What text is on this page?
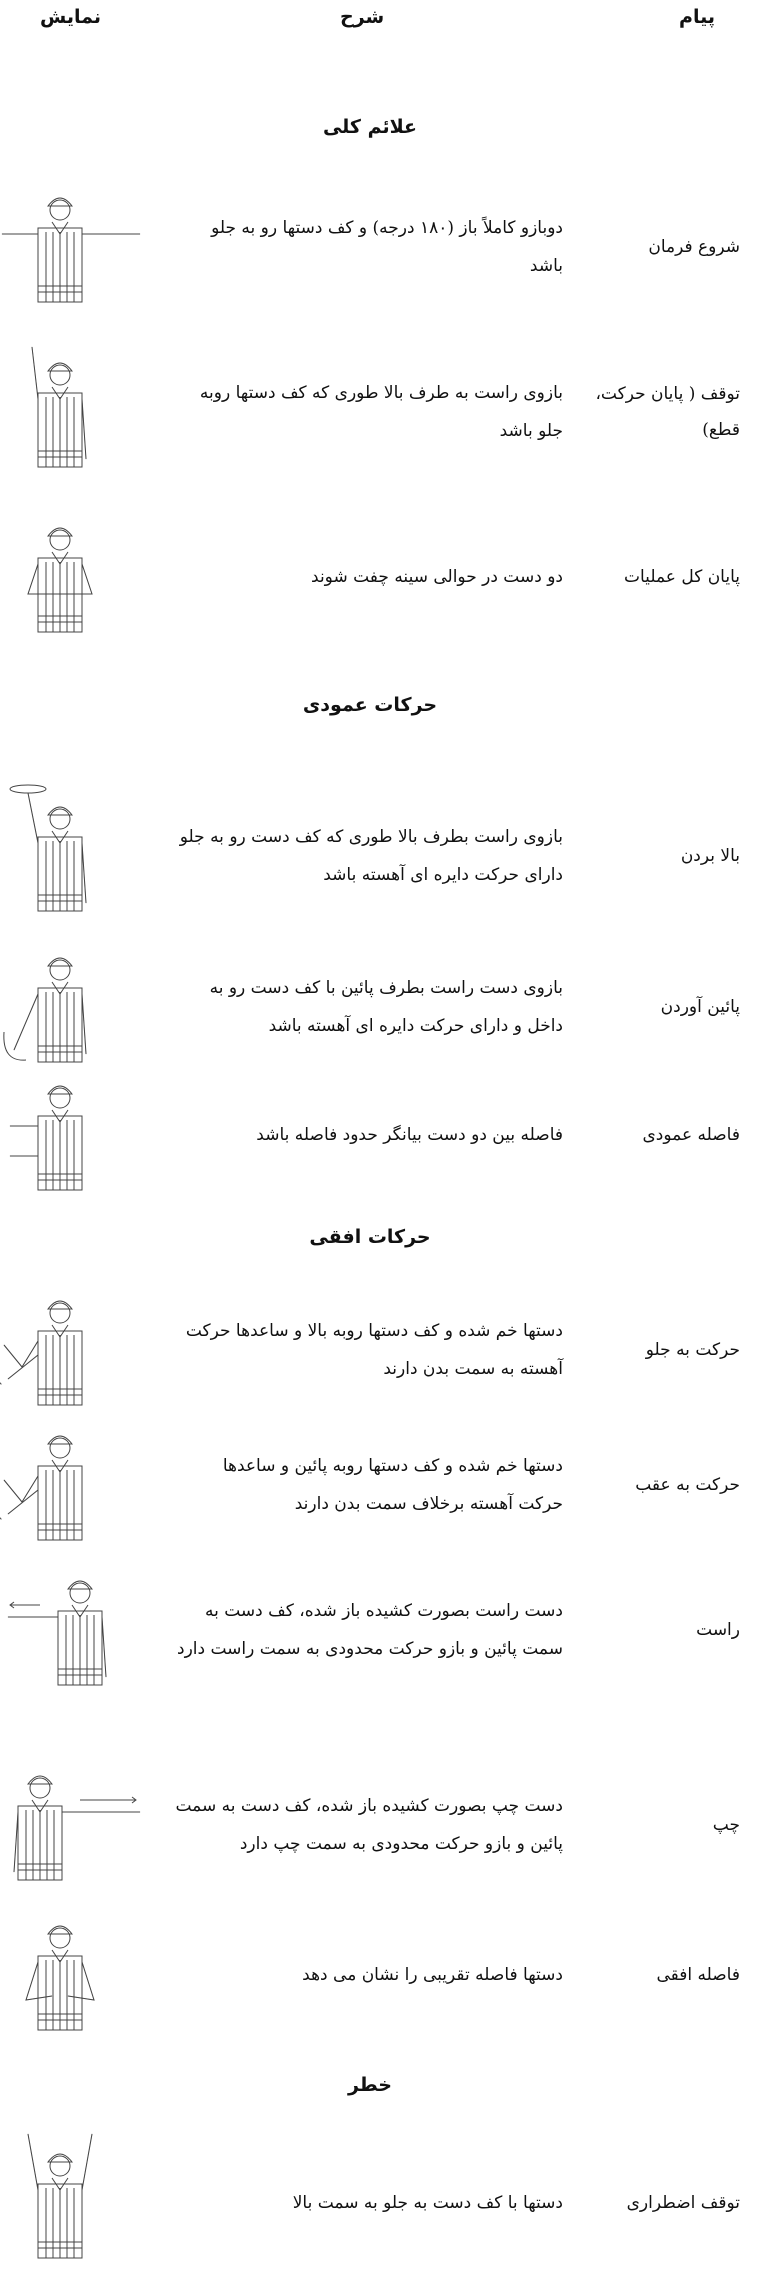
پیام
شرح
نمایش
علائم کلی
شروع فرمان
دوبازو کاملاً باز (۱۸۰ درجه) و کف دستها رو به جلو باشد
توقف ( پایان حرکت، قطع)
بازوی راست به طرف بالا طوری که کف دستها روبه جلو باشد
پایان کل عملیات
دو دست در حوالی سینه چفت شوند
حرکات عمودی
بالا بردن
بازوی راست بطرف بالا طوری که کف دست رو به جلو دارای حرکت دایره ای آهسته باشد
پائین آوردن
بازوی دست راست بطرف پائین با کف دست رو به داخل و دارای حرکت دایره ای آهسته باشد
فاصله عمودی
فاصله بین دو دست بیانگر حدود فاصله باشد
حرکات افقی
حرکت به جلو
دستها خم شده و کف دستها روبه بالا و ساعدها حرکت آهسته به سمت بدن دارند
حرکت به عقب
دستها خم شده و کف دستها روبه پائین و ساعدها حرکت آهسته برخلاف سمت بدن دارند
راست
دست راست بصورت کشیده باز شده، کف دست به سمت پائین و بازو حرکت محدودی به سمت راست دارد
چپ
دست چپ بصورت کشیده باز شده، کف دست به سمت پائین و بازو حرکت محدودی به سمت چپ دارد
فاصله افقی
دستها فاصله تقریبی را نشان می دهد
خطر
توقف اضطراری
دستها با کف دست به جلو به سمت بالا
